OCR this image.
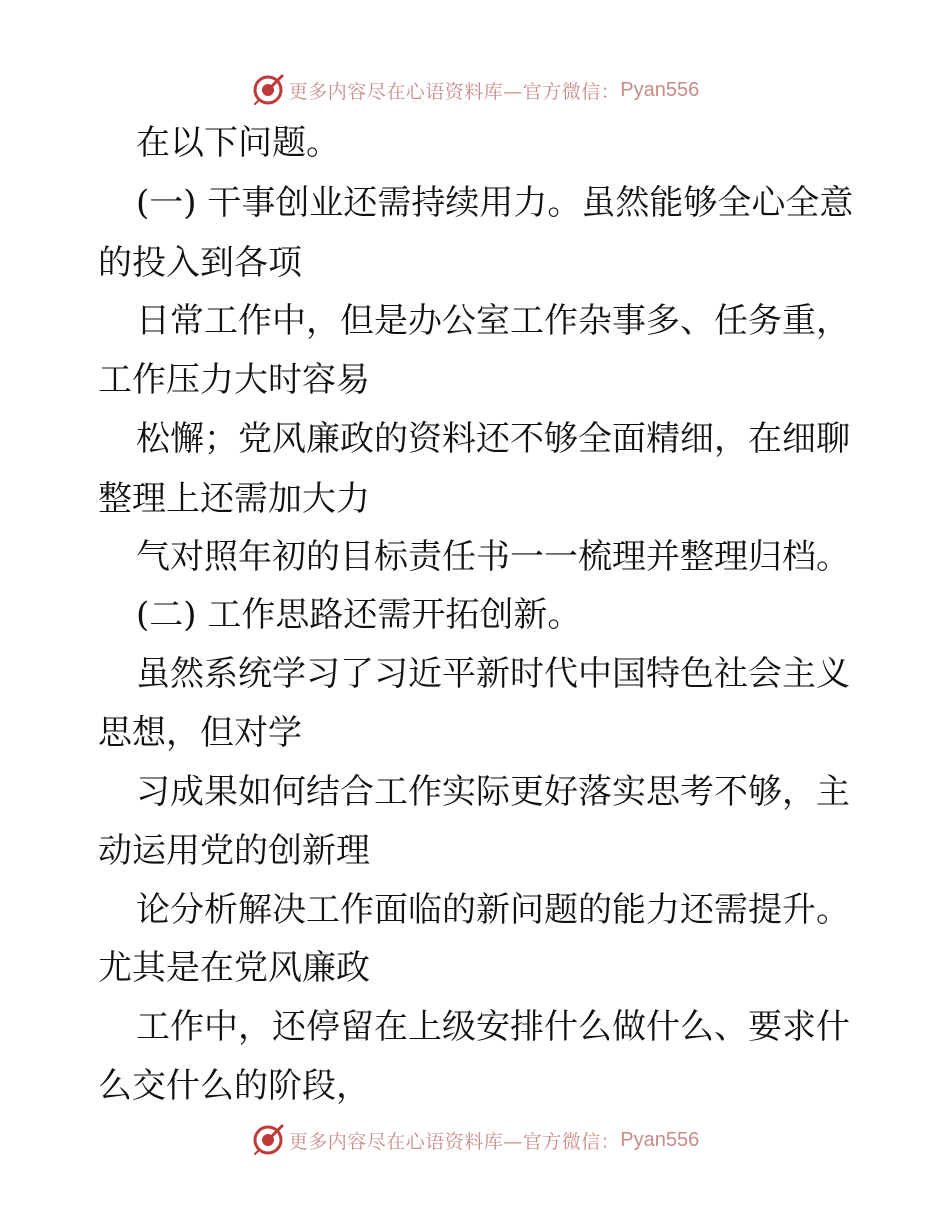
更多内容尽在心语资料库—官方微信： Pyan556
在以下问题。
(一) 干事创业还需持续用力。虽然能够全心全意
的投入到各项
日常工作中，但是办公室工作杂事多、任务重，
工作压力大时容易
松懈；党风廉政的资料还不够全面精细，在细聊
整理上还需加大力
气对照年初的目标责任书一一梳理并整理归档。
(二) 工作思路还需开拓创新。
虽然系统学习了习近平新时代中国特色社会主义
思想，但对学
习成果如何结合工作实际更好落实思考不够，主
动运用党的创新理
论分析解决工作面临的新问题的能力还需提升。
尤其是在党风廉政
工作中，还停留在上级安排什么做什么、要求什
么交什么的阶段，
更多内容尽在心语资料库—官方微信： Pyan556
